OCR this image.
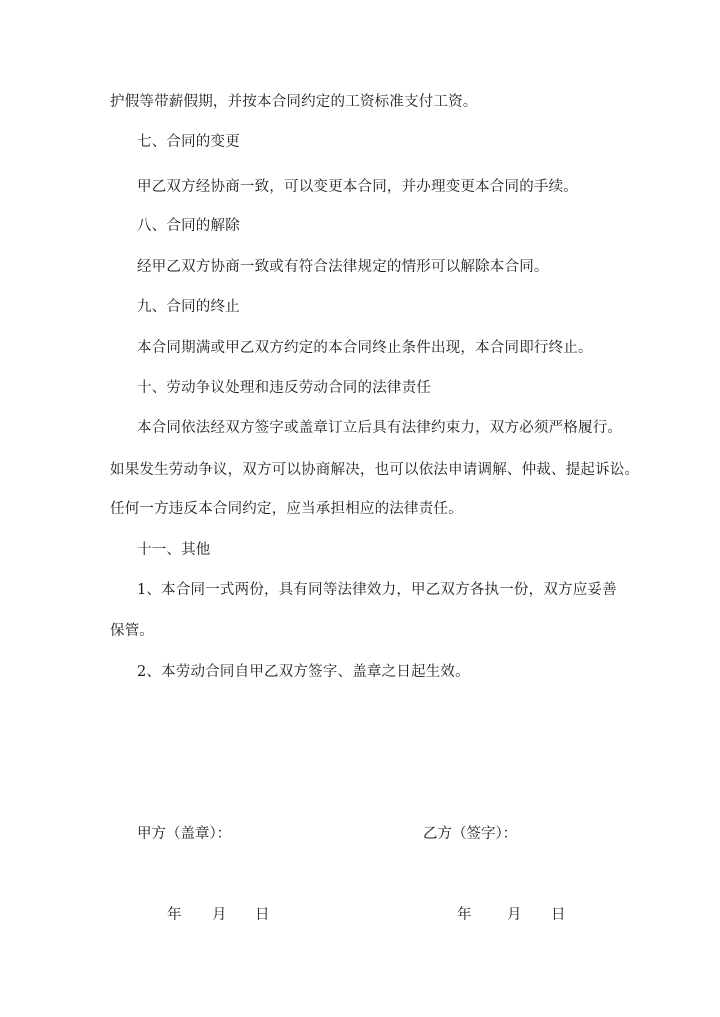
护假等带薪假期，并按本合同约定的工资标准支付工资。
七、合同的变更
甲乙双方经协商一致，可以变更本合同，并办理变更本合同的手续。
八、合同的解除
经甲乙双方协商一致或有符合法律规定的情形可以解除本合同。
九、合同的终止
本合同期满或甲乙双方约定的本合同终止条件出现，本合同即行终止。
十、劳动争议处理和违反劳动合同的法律责任
本合同依法经双方签字或盖章订立后具有法律约束力，双方必须严格履行。
如果发生劳动争议，双方可以协商解决，也可以依法申请调解、仲裁、提起诉讼。
任何一方违反本合同约定，应当承担相应的法律责任。
十一、其他
1、本合同一式两份，具有同等法律效力，甲乙双方各执一份，双方应妥善
保管。
2、本劳动合同自甲乙双方签字、盖章之日起生效。
甲方（盖章）：	乙方（签字）：
年 月 日	年 月 日
